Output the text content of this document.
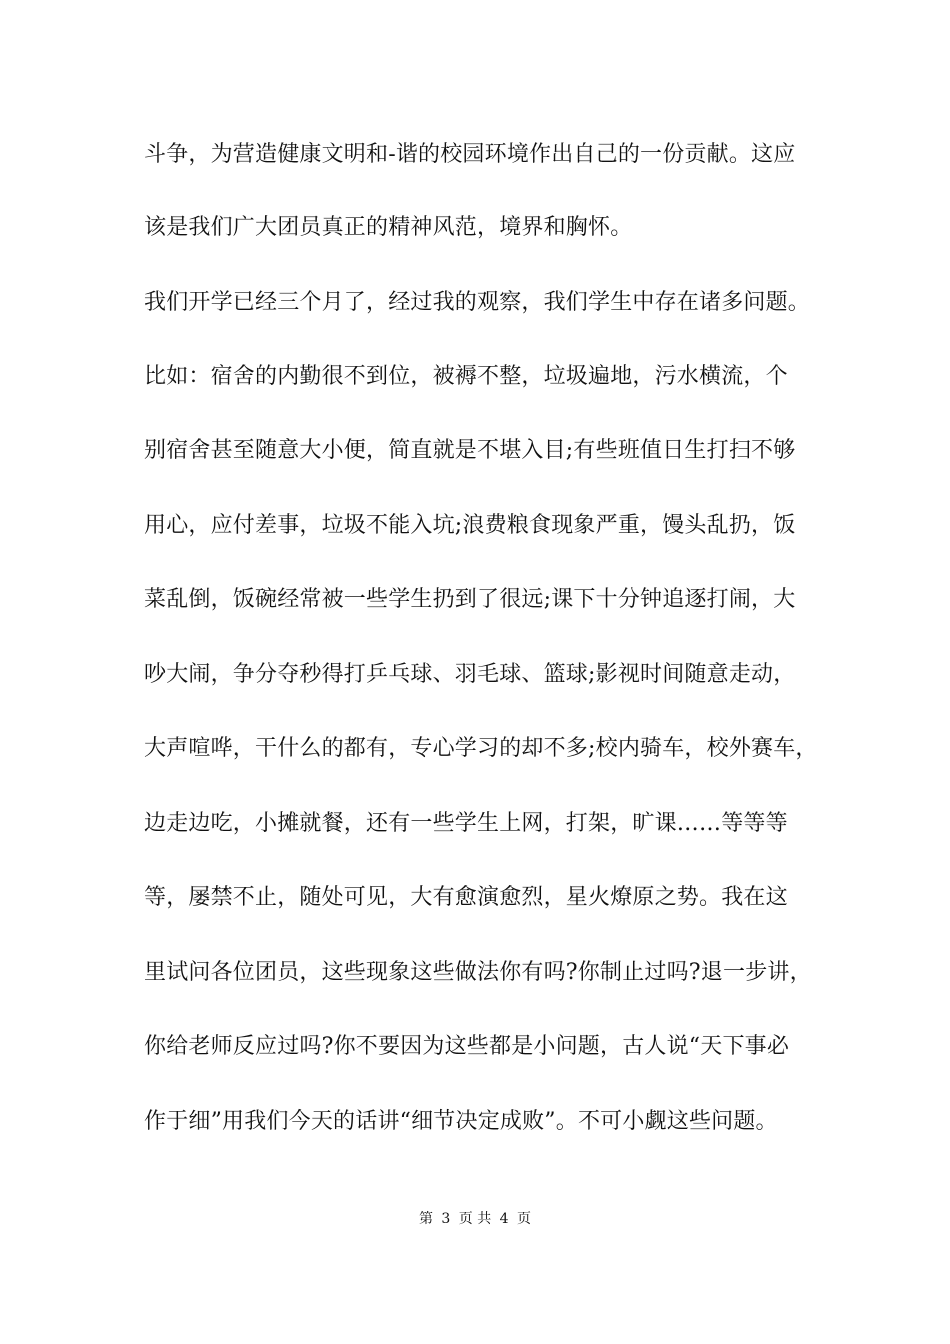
斗争，为营造健康文明和-谐的校园环境作出自己的一份贡献。这应
该是我们广大团员真正的精神风范，境界和胸怀。
我们开学已经三个月了，经过我的观察，我们学生中存在诸多问题。
比如：宿舍的内勤很不到位，被褥不整，垃圾遍地，污水横流，个
别宿舍甚至随意大小便，简直就是不堪入目;有些班值日生打扫不够
用心，应付差事，垃圾不能入坑;浪费粮食现象严重，馒头乱扔，饭
菜乱倒，饭碗经常被一些学生扔到了很远;课下十分钟追逐打闹，大
吵大闹，争分夺秒得打乒乓球、羽毛球、篮球;影视时间随意走动，
大声喧哗，干什么的都有，专心学习的却不多;校内骑车，校外赛车，
边走边吃，小摊就餐，还有一些学生上网，打架，旷课……等等等
等，屡禁不止，随处可见，大有愈演愈烈，星火燎原之势。我在这
里试问各位团员，这些现象这些做法你有吗?你制止过吗?退一步讲，
你给老师反应过吗?你不要因为这些都是小问题，古人说“天下事必
作于细”用我们今天的话讲“细节决定成败”。不可小觑这些问题。
第 3 页 共 4 页
